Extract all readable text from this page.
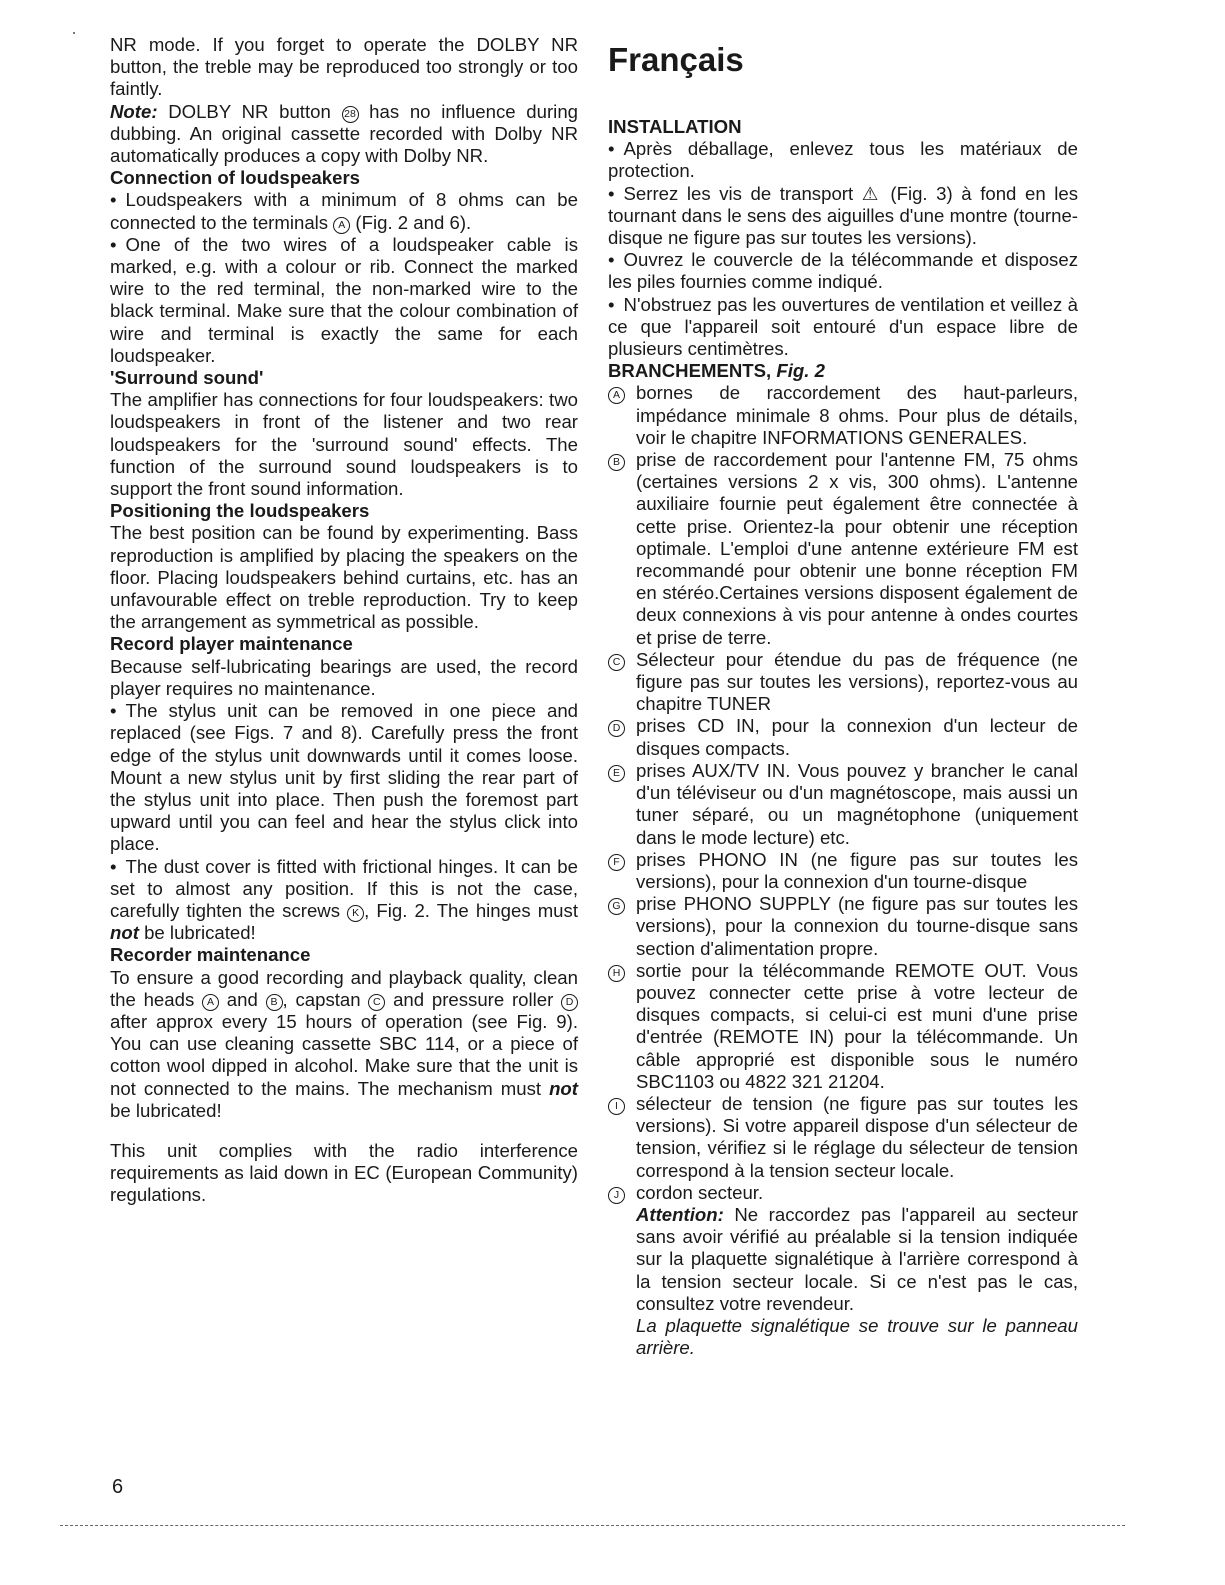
NR mode. If you forget to operate the DOLBY NR button, the treble may be reproduced too strongly or too faintly.

Note: DOLBY NR button 28 has no influence during dubbing. An original cassette recorded with Dolby NR automatically produces a copy with Dolby NR.

Connection of loudspeakers

• Loudspeakers with a minimum of 8 ohms can be connected to the terminals A (Fig. 2 and 6).

• One of the two wires of a loudspeaker cable is marked, e.g. with a colour or rib. Connect the marked wire to the red terminal, the non-marked wire to the black terminal. Make sure that the colour combination of wire and terminal is exactly the same for each loudspeaker.

'Surround sound'

The amplifier has connections for four loudspeakers: two loudspeakers in front of the listener and two rear loudspeakers for the 'surround sound' effects. The function of the surround sound loudspeakers is to support the front sound information.

Positioning the loudspeakers

The best position can be found by experimenting. Bass reproduction is amplified by placing the speakers on the floor. Placing loudspeakers behind curtains, etc. has an unfavourable effect on treble reproduction. Try to keep the arrangement as symmetrical as possible.

Record player maintenance

Because self-lubricating bearings are used, the record player requires no maintenance.

• The stylus unit can be removed in one piece and replaced (see Figs. 7 and 8). Carefully press the front edge of the stylus unit downwards until it comes loose. Mount a new stylus unit by first sliding the rear part of the stylus unit into place. Then push the foremost part upward until you can feel and hear the stylus click into place.

• The dust cover is fitted with frictional hinges. It can be set to almost any position. If this is not the case, carefully tighten the screws K , Fig. 2. The hinges must not be lubricated!

Recorder maintenance

To ensure a good recording and playback quality, clean the heads A and B , capstan C and pressure roller D after approx every 15 hours of operation (see Fig. 9). You can use cleaning cassette SBC 114, or a piece of cotton wool dipped in alcohol. Make sure that the unit is not connected to the mains. The mechanism must not be lubricated!

This unit complies with the radio interference requirements as laid down in EC (European Community) regulations.

Français

INSTALLATION

• Après déballage, enlevez tous les matériaux de protection.

• Serrez les vis de transport ⚠ (Fig. 3) à fond en les tournant dans le sens des aiguilles d'une montre (tourne-disque ne figure pas sur toutes les versions).

• Ouvrez le couvercle de la télécommande et disposez les piles fournies comme indiqué.

• N'obstruez pas les ouvertures de ventilation et veillez à ce que l'appareil soit entouré d'un espace libre de plusieurs centimètres.

BRANCHEMENTS, Fig. 2

A bornes de raccordement des haut-parleurs, impédance minimale 8 ohms. Pour plus de détails, voir le chapitre INFORMATIONS GENERALES.
B prise de raccordement pour l'antenne FM, 75 ohms (certaines versions 2 x vis, 300 ohms). L'antenne auxiliaire fournie peut également être connectée à cette prise. Orientez-la pour obtenir une réception optimale. L'emploi d'une antenne extérieure FM est recommandé pour obtenir une bonne réception FM en stéréo.Certaines versions disposent également de deux connexions à vis pour antenne à ondes courtes et prise de terre.
C Sélecteur pour étendue du pas de fréquence (ne figure pas sur toutes les versions), reportez-vous au chapitre TUNER
D prises CD IN, pour la connexion d'un lecteur de disques compacts.
E prises AUX/TV IN. Vous pouvez y brancher le canal d'un téléviseur ou d'un magnétoscope, mais aussi un tuner séparé, ou un magnétophone (uniquement dans le mode lecture) etc.
F prises PHONO IN (ne figure pas sur toutes les versions), pour la connexion d'un tourne-disque
G prise PHONO SUPPLY (ne figure pas sur toutes les versions), pour la connexion du tourne-disque sans section d'alimentation propre.
H sortie pour la télécommande REMOTE OUT. Vous pouvez connecter cette prise à votre lecteur de disques compacts, si celui-ci est muni d'une prise d'entrée (REMOTE IN) pour la télécommande. Un câble approprié est disponible sous le numéro SBC1103 ou 4822 321 21204.
I sélecteur de tension (ne figure pas sur toutes les versions). Si votre appareil dispose d'un sélecteur de tension, vérifiez si le réglage du sélecteur de tension correspond à la tension secteur locale.
J cordon secteur.

Attention: Ne raccordez pas l'appareil au secteur sans avoir vérifié au préalable si la tension indiquée sur la plaquette signalétique à l'arrière correspond à la tension secteur locale. Si ce n'est pas le cas, consultez votre revendeur.

La plaquette signalétique se trouve sur le panneau arrière.

6
